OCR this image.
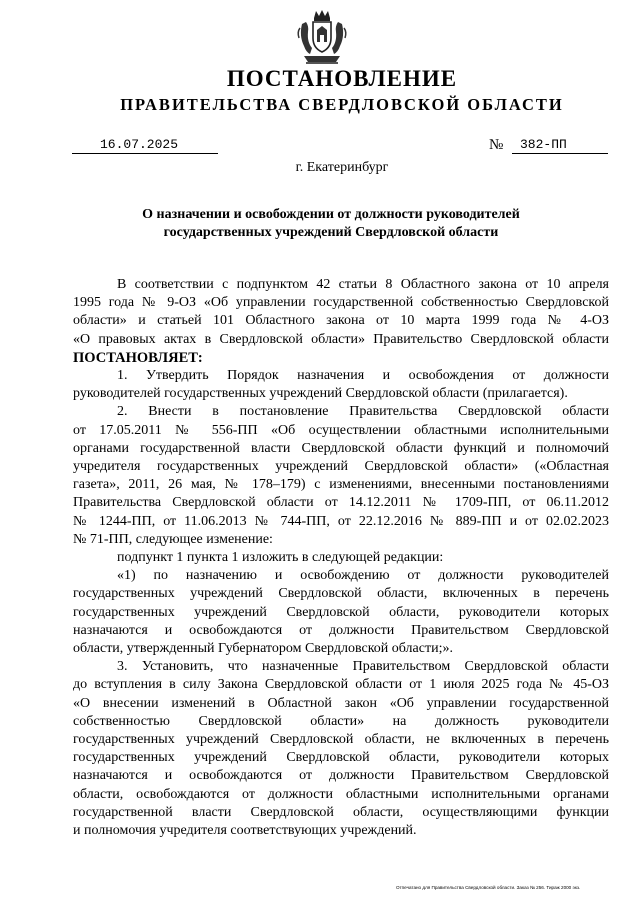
ПОСТАНОВЛЕНИЕ
ПРАВИТЕЛЬСТВА СВЕРДЛОВСКОЙ ОБЛАСТИ
16.07.2025	№ 382-ПП
г. Екатеринбург
О назначении и освобождении от должности руководителей
государственных учреждений Свердловской области
В соответствии с подпунктом 42 статьи 8 Областного закона от 10 апреля
1995 года № 9-ОЗ «Об управлении государственной собственностью Свердловской
области» и статьей 101 Областного закона от 10 марта 1999 года № 4-ОЗ
«О правовых актах в Свердловской области» Правительство Свердловской области
ПОСТАНОВЛЯЕТ:
1. Утвердить Порядок назначения и освобождения от должности
руководителей государственных учреждений Свердловской области (прилагается).
2. Внести в постановление Правительства Свердловской области
от 17.05.2011 № 556-ПП «Об осуществлении областными исполнительными
органами государственной власти Свердловской области функций и полномочий
учредителя государственных учреждений Свердловской области» («Областная
газета», 2011, 26 мая, № 178–179) с изменениями, внесенными постановлениями
Правительства Свердловской области от 14.12.2011 № 1709-ПП, от 06.11.2012
№ 1244-ПП, от 11.06.2013 № 744-ПП, от 22.12.2016 № 889-ПП и от 02.02.2023
№ 71-ПП, следующее изменение:
подпункт 1 пункта 1 изложить в следующей редакции:
«1) по назначению и освобождению от должности руководителей
государственных учреждений Свердловской области, включенных в перечень
государственных учреждений Свердловской области, руководители которых
назначаются и освобождаются от должности Правительством Свердловской
области, утвержденный Губернатором Свердловской области;».
3. Установить, что назначенные Правительством Свердловской области
до вступления в силу Закона Свердловской области от 1 июля 2025 года № 45-ОЗ
«О внесении изменений в Областной закон «Об управлении государственной
собственностью Свердловской области» на должность руководители
государственных учреждений Свердловской области, не включенных в перечень
государственных учреждений Свердловской области, руководители которых
назначаются и освобождаются от должности Правительством Свердловской
области, освобождаются от должности областными исполнительными органами
государственной власти Свердловской области, осуществляющими функции
и полномочия учредителя соответствующих учреждений.
Отпечатано для Правительства Свердловской области. Заказ № 256. Тираж 2000 экз.
